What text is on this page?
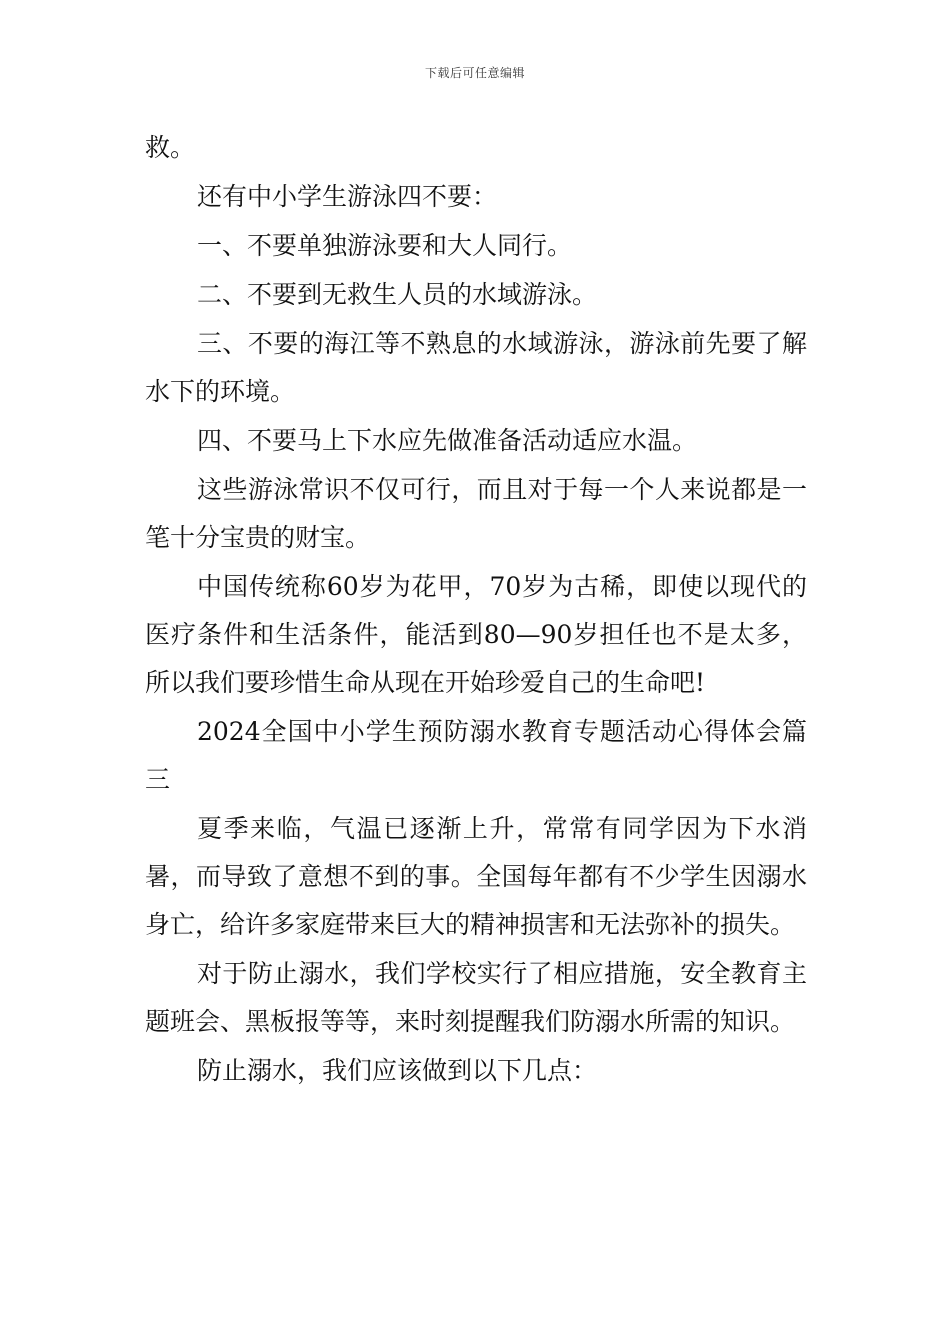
下载后可任意编辑

救。

还有中小学生游泳四不要：

一、不要单独游泳要和大人同行。

二、不要到无救生人员的水域游泳。

三、不要的海江等不熟息的水域游泳，游泳前先要了解水下的环境。

四、不要马上下水应先做准备活动适应水温。

这些游泳常识不仅可行，而且对于每一个人来说都是一笔十分宝贵的财宝。

中国传统称60岁为花甲，70岁为古稀，即使以现代的医疗条件和生活条件，能活到80—90岁担任也不是太多，所以我们要珍惜生命从现在开始珍爱自己的生命吧!

2024全国中小学生预防溺水教育专题活动心得体会篇三

夏季来临，气温已逐渐上升，常常有同学因为下水消暑，而导致了意想不到的事。全国每年都有不少学生因溺水身亡，给许多家庭带来巨大的精神损害和无法弥补的损失。

对于防止溺水，我们学校实行了相应措施，安全教育主题班会、黑板报等等，来时刻提醒我们防溺水所需的知识。

防止溺水，我们应该做到以下几点：
